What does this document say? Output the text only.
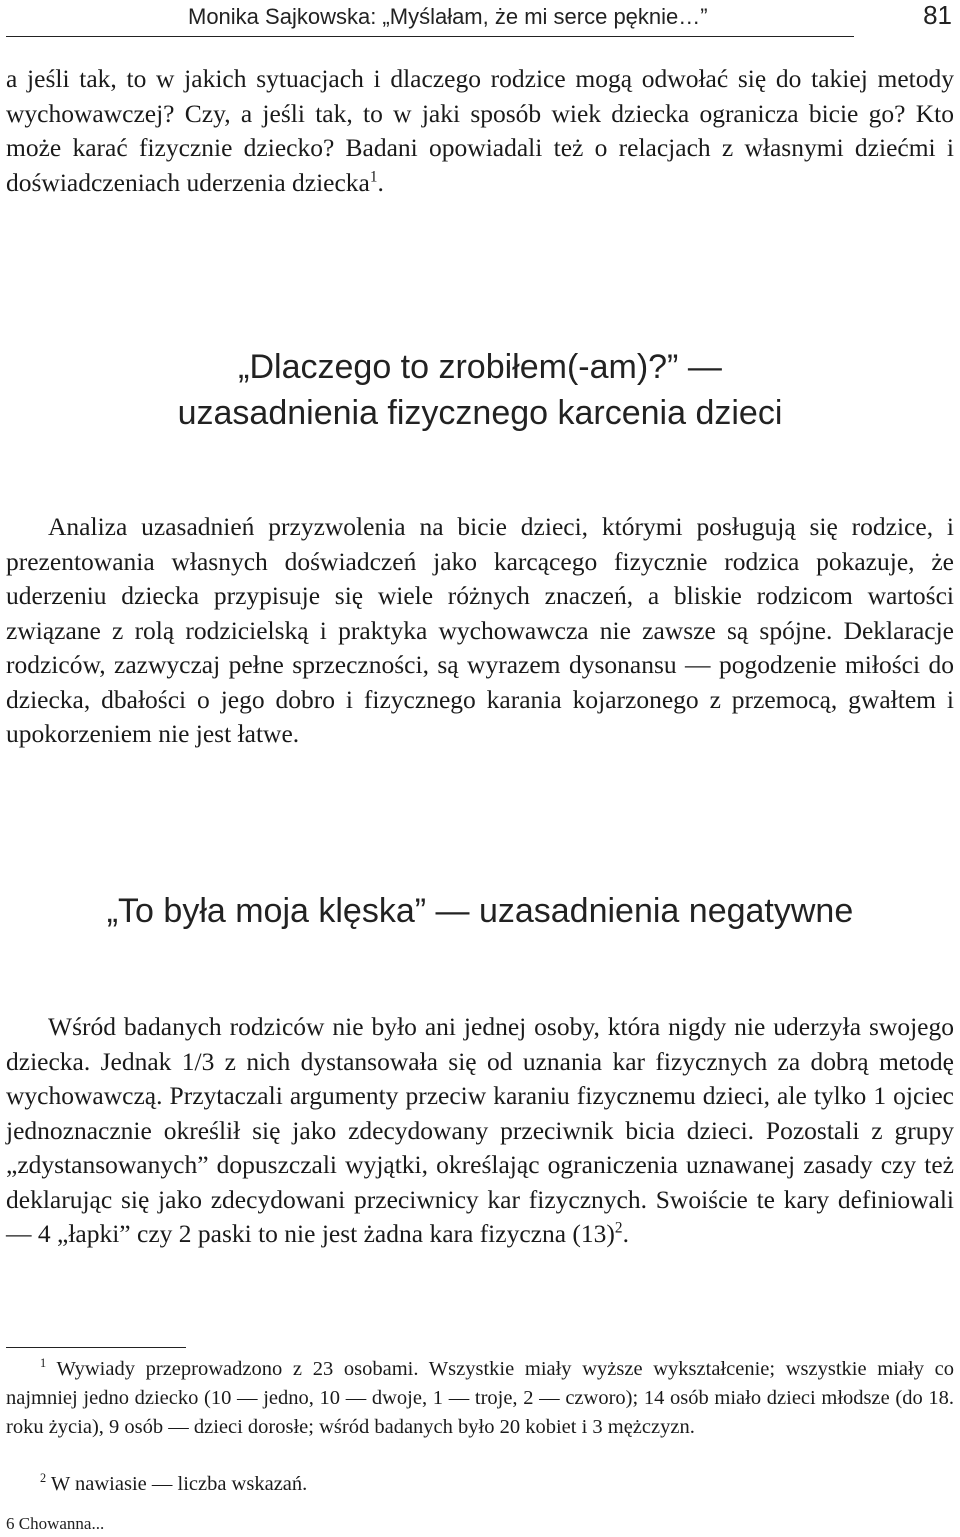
Monika Sajkowska: „Myślałam, że mi serce pęknie…”	81

a jeśli tak, to w jakich sytuacjach i dlaczego rodzice mogą odwołać się do takiej metody wychowawczej? Czy, a jeśli tak, to w jaki sposób wiek dziecka ogranicza bicie go? Kto może karać fizycznie dziecko? Badani opowiadali też o relacjach z własnymi dziećmi i doświadczeniach uderzenia dziecka$^1$.

„Dlaczego to zrobiłem(-am)?” —
uzasadnienia fizycznego karcenia dzieci

Analiza uzasadnień przyzwolenia na bicie dzieci, którymi posługują się rodzice, i prezentowania własnych doświadczeń jako karcącego fizycznie rodzica pokazuje, że uderzeniu dziecka przypisuje się wiele różnych znaczeń, a bliskie rodzicom wartości związane z rolą rodzicielską i praktyka wychowawcza nie zawsze są spójne. Deklaracje rodziców, zazwyczaj pełne sprzeczności, są wyrazem dysonansu — pogodzenie miłości do dziecka, dbałości o jego dobro i fizycznego karania kojarzonego z przemocą, gwałtem i upokorzeniem nie jest łatwe.

„To była moja klęska” — uzasadnienia negatywne

Wśród badanych rodziców nie było ani jednej osoby, która nigdy nie uderzyła swojego dziecka. Jednak 1/3 z nich dystansowała się od uznania kar fizycznych za dobrą metodę wychowawczą. Przytaczali argumenty przeciw karaniu fizycznemu dzieci, ale tylko 1 ojciec jednoznacznie określił się jako zdecydowany przeciwnik bicia dzieci. Pozostali z grupy „zdystansowanych” dopuszczali wyjątki, określając ograniczenia uznawanej zasady czy też deklarując się jako zdecydowani przeciwnicy kar fizycznych. Swoiście te kary definiowali — 4 „łapki” czy 2 paski to nie jest żadna kara fizyczna $(13)^2$.

$^1$ Wywiady przeprowadzono z 23 osobami. Wszystkie miały wyższe wykształcenie; wszystkie miały co najmniej jedno dziecko (10 — jedno, 10 — dwoje, 1 — troje, 2 — czworo); 14 osób miało dzieci młodsze (do 18. roku życia), 9 osób — dzieci dorosłe; wśród badanych było 20 kobiet i 3 mężczyzn.

$^2$ W nawiasie — liczba wskazań.

6 Chowanna...
